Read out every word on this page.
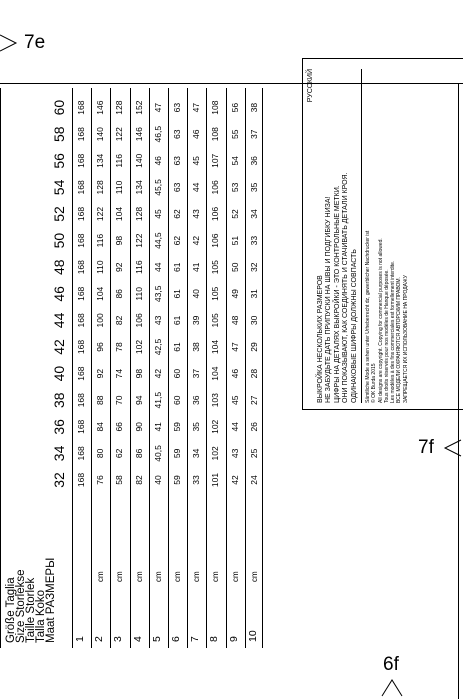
7e
7f
6f
Größe Taglia
Size Storlekse
Taille Storlek
Talla Koko
Maat РАЗМЕРЫ
32
34
36
38
40
42
44
46
48
50
52
54
56
58
60
1
168
168
168
168
168
168
168
168
168
168
168
168
168
168
168
2
cm
76
80
84
88
92
96
100
104
110
116
122
128
134
140
146
3
cm
58
62
66
70
74
78
82
86
92
98
104
110
116
122
128
4
cm
82
86
90
94
98
102
106
110
116
122
128
134
140
146
152
5
cm
40
40,5
41
41,5
42
42,5
43
43,5
44
44,5
45
45,5
46
46,5
47
6
cm
59
59
59
60
60
61
61
61
61
62
62
63
63
63
63
7
cm
33
34
35
36
37
38
39
40
41
42
43
44
45
46
47
8
cm
101
102
102
103
104
104
105
105
105
106
106
106
107
108
108
9
cm
42
43
44
45
46
47
48
49
50
51
52
53
54
55
56
10
cm
24
25
26
27
28
29
30
31
32
33
34
35
36
37
38
РУССКИЙ
ВЫКРОЙКА НЕСКОЛЬКИХ РАЗМЕРОВ НЕ ЗАБУДЬТЕ ДАТЬ ПРИПУСКИ НА ШВЫ И ПОДГИБКУ НИЗА! ЦИФРЫ НА ДЕТАЛЯХ ВЫКРОЙКИ - ЭТО КОНТРОЛЬНЫЕ МЕТКИ. ОНИ ПОКАЗЫВАЮТ, КАК СОЕДИНЯТЬ И СТАЧИВАТЬ ДЕТАЛИ КРОЯ. ОДИНАКОВЫЕ ШИФРЫ ДОЛЖНЫ СОВПАСТЬ Sämtliche Mode a sehen unter Urheberrecht dz, gewerblicher Nachdrucker ist © OK Burda 2015 All designs are copyright. Copying for commercial purposes is not allowed. Tous droits réservés pour nos modèles de Hanque déposée. Les modèles à des fins commerciales est formellement interdite. ВСЕ МОДЕЛИ ОХРАНЯЮТСЯ АВТОРСКИМ ПРАВОМ. ЗАПРЕЩАЕТСЯ ИХ ИСПОЛЬЗОВАНИЕ НА ПРОДАЖУ
